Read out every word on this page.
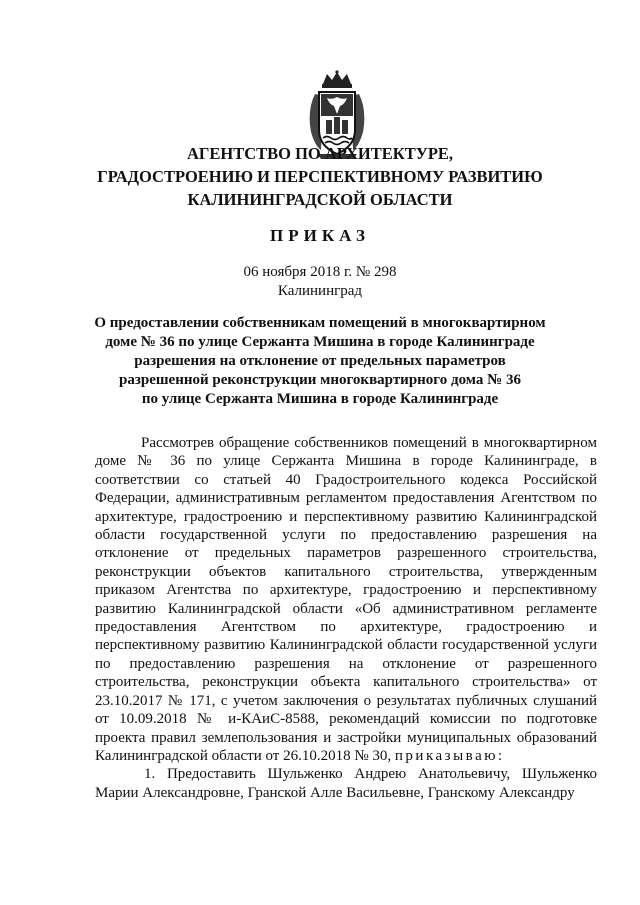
АГЕНТСТВО ПО АРХИТЕКТУРЕ,
ГРАДОСТРОЕНИЮ И ПЕРСПЕКТИВНОМУ РАЗВИТИЮ
КАЛИНИНГРАДСКОЙ ОБЛАСТИ
ПРИКАЗ
06 ноября 2018 г. № 298
Калининград
О предоставлении собственникам помещений в многоквартирном
доме № 36 по улице Сержанта Мишина в городе Калининграде
разрешения на отклонение от предельных параметров
разрешенной реконструкции многоквартирного дома № 36
по улице Сержанта Мишина в городе Калининграде

Рассмотрев обращение собственников помещений в многоквартирном доме № 36 по улице Сержанта Мишина в городе Калининграде, в соответствии со статьей 40 Градостроительного кодекса Российской Федерации, административным регламентом предоставления Агентством по архитектуре, градостроению и перспективному развитию Калининградской области государственной услуги по предоставлению разрешения на отклонение от предельных параметров разрешенного строительства, реконструкции объектов капитального строительства, утвержденным приказом Агентства по архитектуре, градостроению и перспективному развитию Калининградской области «Об административном регламенте предоставления Агентством по архитектуре, градостроению и перспективному развитию Калининградской области государственной услуги по предоставлению разрешения на отклонение от разрешенного строительства, реконструкции объекта капитального строительства» от 23.10.2017 № 171, с учетом заключения о результатах публичных слушаний от 10.09.2018 № и-КАиС-8588, рекомендаций комиссии по подготовке проекта правил землепользования и застройки муниципальных образований Калининградской области от 26.10.2018 № 30, приказываю:

1. Предоставить Шульженко Андрею Анатольевичу, Шульженко Марии Александровне, Гранской Алле Васильевне, Гранскому Александру
